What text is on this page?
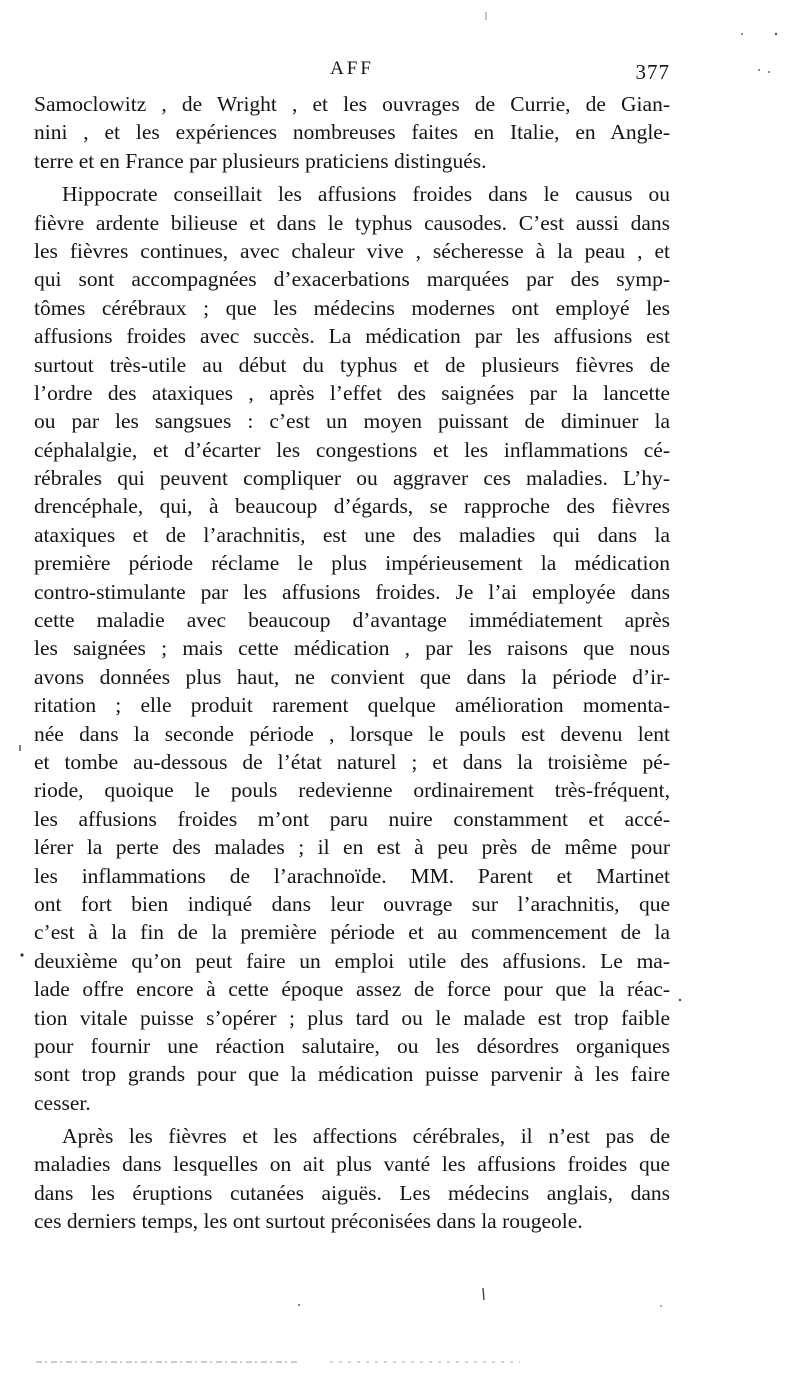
AFF	377
Samoclowitz , de Wright , et les ouvrages de Currie, de Gian-
nini , et les expériences nombreuses faites en Italie, en Angle-
terre et en France par plusieurs praticiens distingués.
Hippocrate conseillait les affusions froides dans le causus ou
fièvre ardente bilieuse et dans le typhus causodes. C’est aussi dans
les fièvres continues, avec chaleur vive , sécheresse à la peau , et
qui sont accompagnées d’exacerbations marquées par des symp-
tômes cérébraux ; que les médecins modernes ont employé les
affusions froides avec succès. La médication par les affusions est
surtout très-utile au début du typhus et de plusieurs fièvres de
l’ordre des ataxiques , après l’effet des saignées par la lancette
ou par les sangsues : c’est un moyen puissant de diminuer la
céphalalgie, et d’écarter les congestions et les inflammations cé-
rébrales qui peuvent compliquer ou aggraver ces maladies. L’hy-
drencéphale, qui, à beaucoup d’égards, se rapproche des fièvres
ataxiques et de l’arachnitis, est une des maladies qui dans la
première période réclame le plus impérieusement la médication
contro-stimulante par les affusions froides. Je l’ai employée dans
cette maladie avec beaucoup d’avantage immédiatement après
les saignées ; mais cette médication , par les raisons que nous
avons données plus haut, ne convient que dans la période d’ir-
ritation ; elle produit rarement quelque amélioration momenta-
née dans la seconde période , lorsque le pouls est devenu lent
et tombe au-dessous de l’état naturel ; et dans la troisième pé-
riode, quoique le pouls redevienne ordinairement très-fréquent,
les affusions froides m’ont paru nuire constamment et accé-
lérer la perte des malades ; il en est à peu près de même pour
les inflammations de l’arachnoïde. MM. Parent et Martinet
ont fort bien indiqué dans leur ouvrage sur l’arachnitis, que
c’est à la fin de la première période et au commencement de la
deuxième qu’on peut faire un emploi utile des affusions. Le ma-
lade offre encore à cette époque assez de force pour que la réac-
tion vitale puisse s’opérer ; plus tard ou le malade est trop faible
pour fournir une réaction salutaire, ou les désordres organiques
sont trop grands pour que la médication puisse parvenir à les faire
cesser.
Après les fièvres et les affections cérébrales, il n’est pas de
maladies dans lesquelles on ait plus vanté les affusions froides que
dans les éruptions cutanées aiguës. Les médecins anglais, dans
ces derniers temps, les ont surtout préconisées dans la rougeole.
